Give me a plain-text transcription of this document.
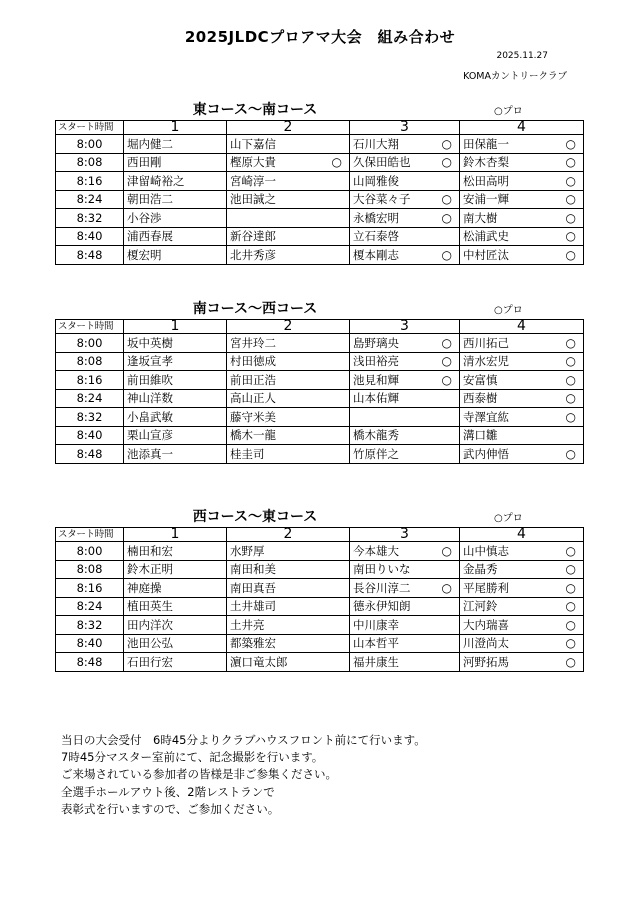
2025JLDCプロアマ大会　組み合わせ
2025.11.27
KOMAカントリークラブ
東コース～南コース	○プロ
スタート時間	1	2	3	4
8:00	堀内健二	山下嘉信	石川大翔 ○	田保龍一 ○

8:08	西田剛	樫原大貴 ○	久保田皓也 ○	鈴木杏梨 ○

8:16	津留崎裕之	宮崎淳一	山岡雅俊	松田高明 ○

8:24	朝田浩二	池田誠之	大谷菜々子 ○	安浦一輝 ○

8:32	小谷渉		永橋宏明 ○	南大樹 ○

8:40	浦西春展	新谷達郎	立石泰啓	松浦武史 ○

8:48	榎宏明	北井秀彦	榎本剛志 ○	中村匠汰 ○
南コース～西コース	○プロ
スタート時間	1	2	3	4
8:00	坂中英樹	宮井玲二	島野璃央 ○	西川拓己 ○

8:08	逢坂宣孝	村田徳成	浅田裕亮 ○	清水宏児 ○

8:16	前田維吹	前田正浩	池見和輝 ○	安富慎 ○

8:24	神山洋数	高山正人	山本佑輝	西泰樹 ○

8:32	小畠武敏	藤守米美		寺澤宜紘 ○

8:40	栗山宣彦	橋木一龍	橋木龍秀	溝口雛

8:48	池添真一	桂圭司	竹原伴之	武内伸悟 ○
西コース～東コース	○プロ
スタート時間	1	2	3	4
8:00	楠田和宏	水野厚	今本雄大 ○	山中慎志 ○

8:08	鈴木正明	南田和美	南田りいな	金晶秀 ○

8:16	神庭操	南田真吾	長谷川淳二 ○	平尾勝利 ○

8:24	植田英生	土井雄司	德永伊知朗	江河鈴 ○

8:32	田内洋次	土井亮	中川康幸	大内瑞喜 ○

8:40	池田公弘	都築雅宏	山本哲平	川澄尚太 ○

8:48	石田行宏	濵口竜太郎	福井康生	河野拓馬 ○
当日の大会受付　6時45分よりクラブハウスフロント前にて行います。
7時45分マスター室前にて、記念撮影を行います。
ご来場されている参加者の皆様是非ご参集ください。
全選手ホールアウト後、2階レストランで
表彰式を行いますので、ご参加ください。
